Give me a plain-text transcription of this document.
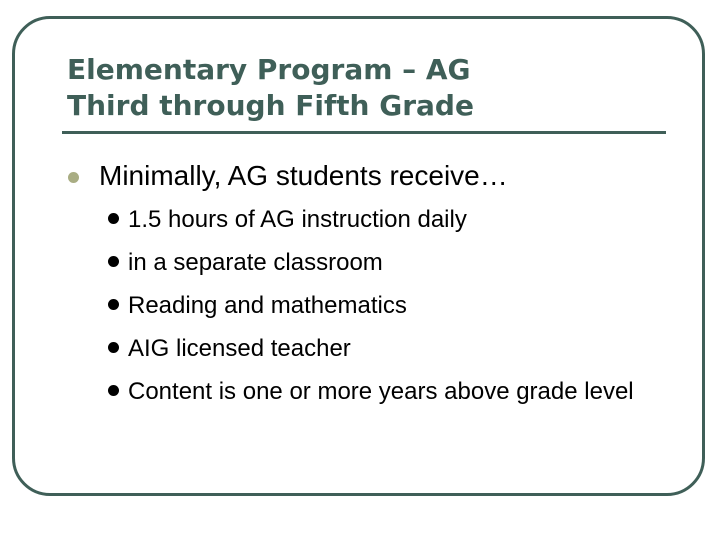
Elementary Program – AG
Third through Fifth Grade
Minimally, AG students receive…
1.5 hours of AG instruction daily
in a separate classroom
Reading and mathematics
AIG licensed teacher
Content is one or more years above grade level
